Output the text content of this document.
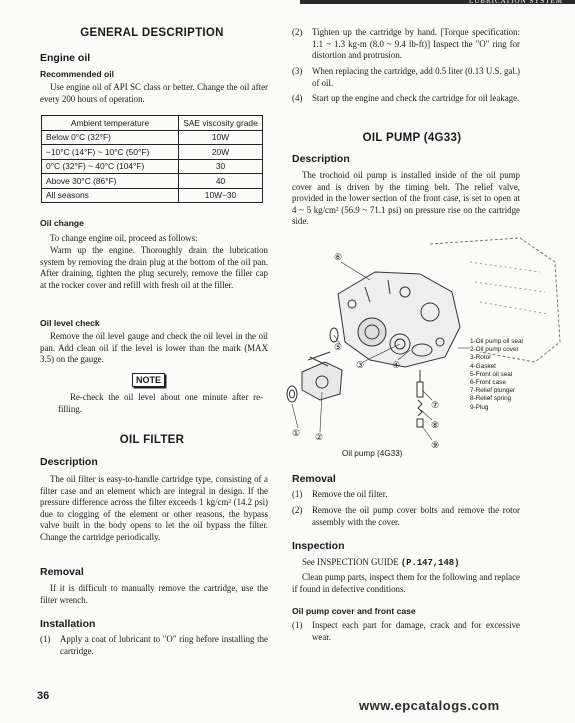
LUBRICATION SYSTEM
GENERAL DESCRIPTION
Engine oil
Recommended oil
Use engine oil of API SC class or better. Change the oil after every 200 hours of operation.
Ambient temperature	SAE viscosity grade
Below 0°C (32°F)	10W
−10°C (14°F) ~ 10°C (50°F)	20W
0°C (32°F) ~ 40°C (104°F)	30
Above 30°C (86°F)	40
All seasons	10W−30
Oil change
To change engine oil, proceed as follows:
Warm up the engine. Thoroughly drain the lubrication system by removing the drain plug at the bottom of the oil pan. After draining, tighten the plug securely, remove the filler cap at the rocker cover and refill with fresh oil at the filler.
Oil level check
Remove the oil level gauge and check the oil level in the oil pan. Add clean oil if the level is lower than the mark (MAX 3.5) on the gauge.
NOTE
Re-check the oil level about one minute after re-filling.
OIL FILTER
Description
The oil filter is easy-to-handle cartridge type, consisting of a filter case and an element which are integral in design. If the pressure difference across the filter exceeds 1 kg/cm² (14.2 psi) due to clogging of the element or other reasons, the bypass valve built in the body opens to let the oil bypass the filter. Change the cartridge periodically.
Removal
If it is difficult to manually remove the cartridge, use the filter wrench.
Installation
(1)	Apply a coat of lubricant to "O" ring before installing the cartridge.
36
(2)	Tighten up the cartridge by hand. [Torque specification: 1.1 ~ 1.3 kg-m (8.0 ~ 9.4 lb-ft)] Inspect the "O" ring for distortion and protrusion.
(3)	When replacing the cartridge, add 0.5 liter (0.13 U.S. gal.) of oil.
(4)	Start up the engine and check the cartridge for oil leakage.
OIL PUMP (4G33)
Description
The trochoid oil pump is installed inside of the oil pump cover and is driven by the timing belt. The relief valve, provided in the lower section of the front case, is set to open at 4 ~ 5 kg/cm² (56.9 ~ 71.1 psi) on pressure rise on the cartridge side.
⑥
⑤
④
③
②
①
⑦
⑧
⑨
1-Oil pump oil seal
2-Oil pump cover
3-Rotor
4-Gasket
5-Front oil seal
6-Front case
7-Relief plunger
8-Relief spring
9-Plug
Oil pump (4G33)
Removal
(1)	Remove the oil filter.
(2)	Remove the oil pump cover bolts and remove the rotor assembly with the cover.
Inspection
See INSPECTION GUIDE (P.147,148)
Clean pump parts, inspect them for the following and replace if found in defective conditions.
Oil pump cover and front case
(1)	Inspect each part for damage, crack and for excessive wear.
www.epcatalogs.com
